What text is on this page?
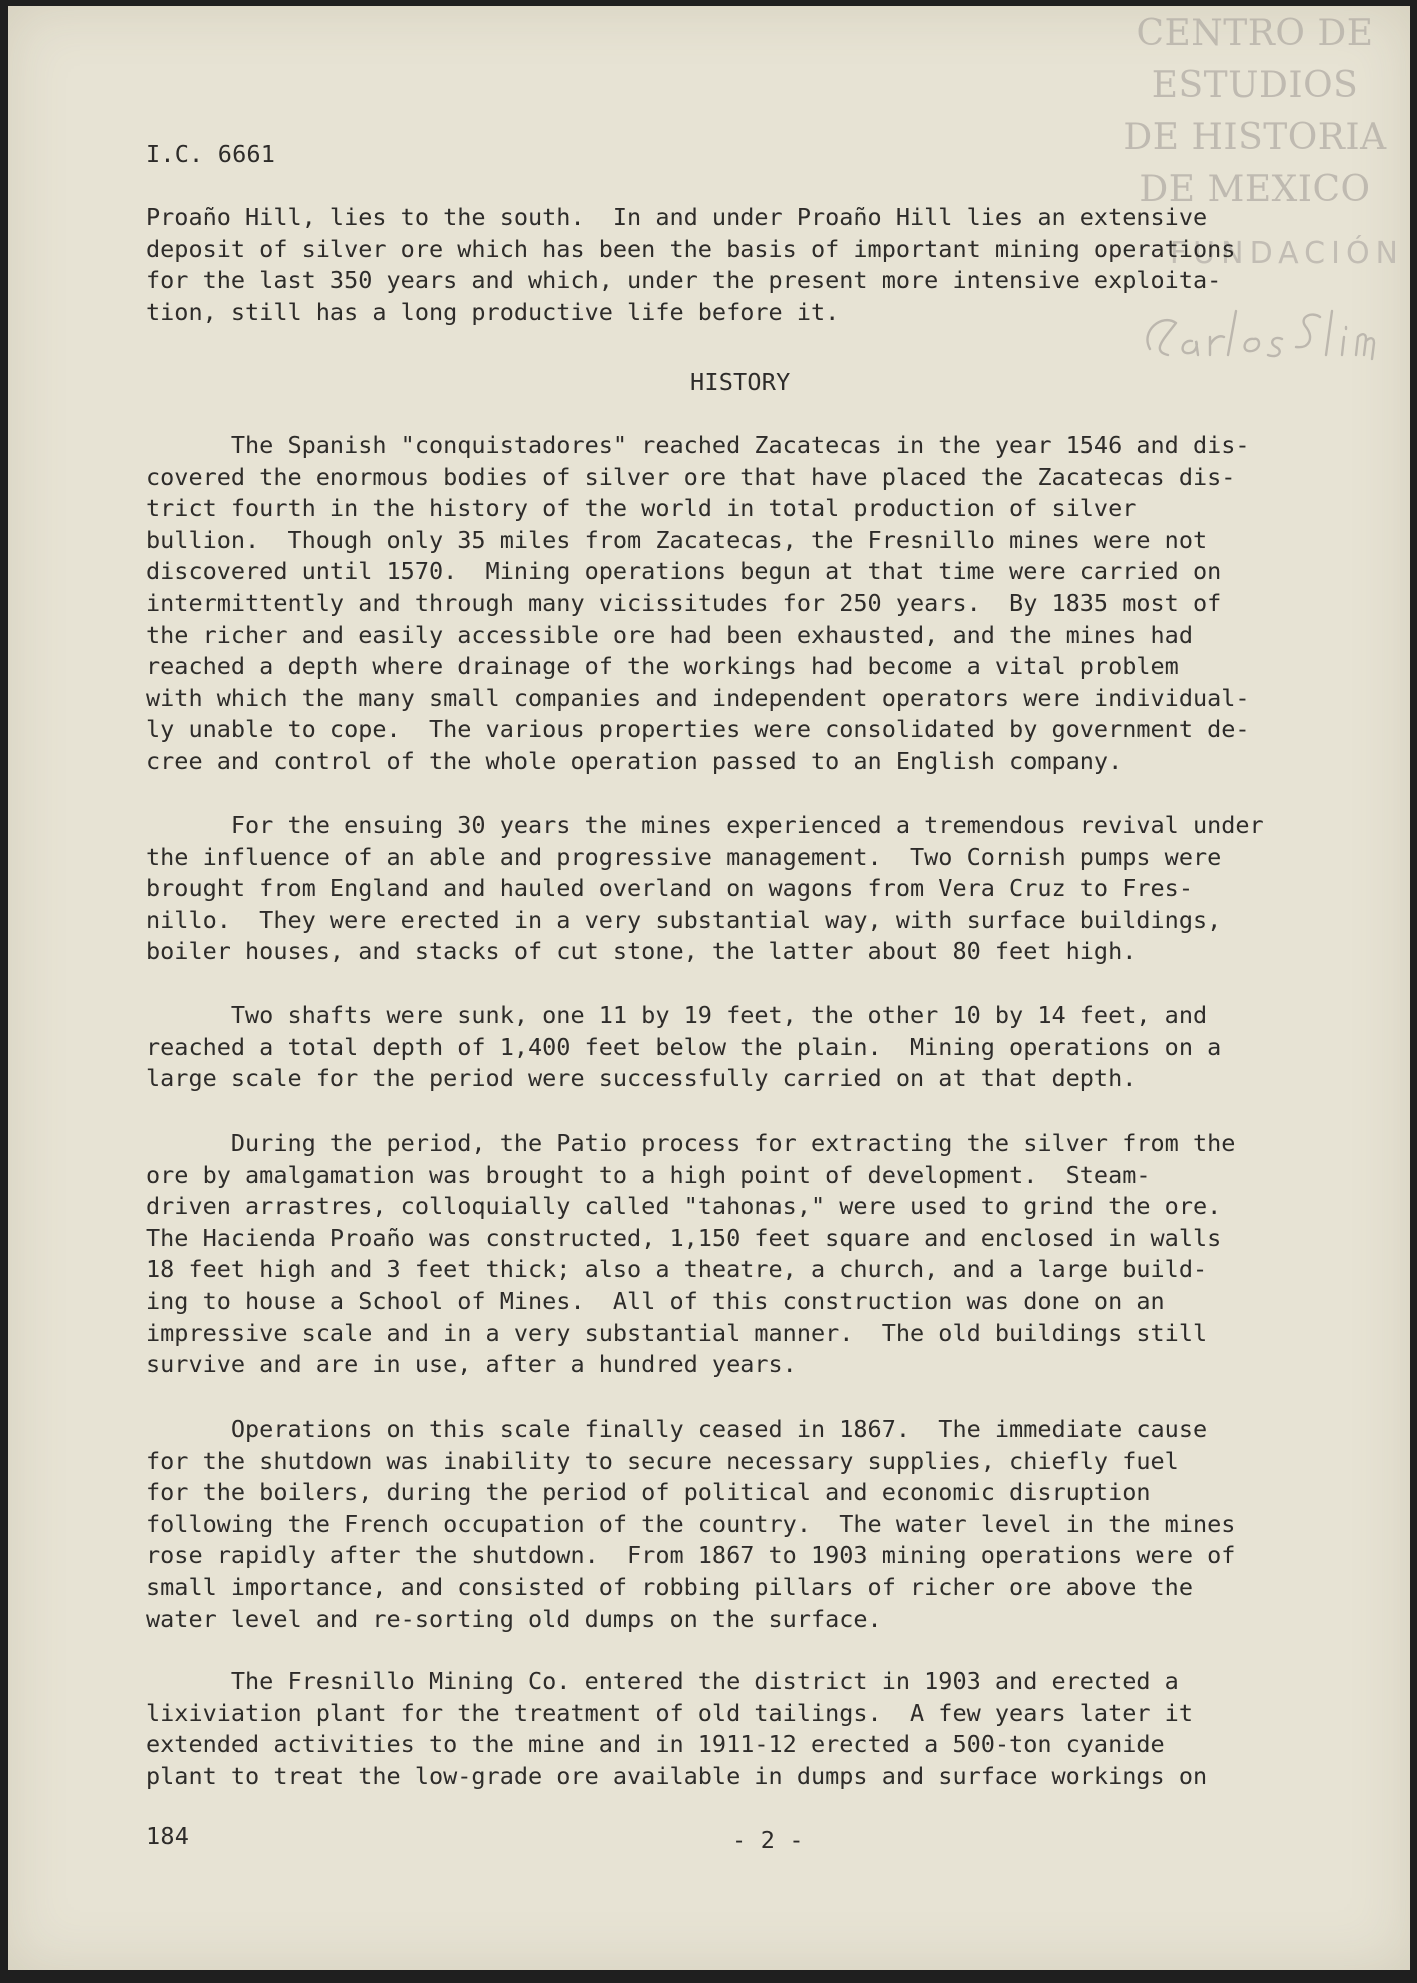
CENTRO DE
ESTUDIOS
DE HISTORIA
DE MEXICO
FUNDACIÓN
I.C. 6661
Proaño Hill, lies to the south.  In and under Proaño Hill lies an extensive
deposit of silver ore which has been the basis of important mining operations
for the last 350 years and which, under the present more intensive exploita-
tion, still has a long productive life before it.
HISTORY
The Spanish "conquistadores" reached Zacatecas in the year 1546 and dis-
covered the enormous bodies of silver ore that have placed the Zacatecas dis-
trict fourth in the history of the world in total production of silver
bullion.  Though only 35 miles from Zacatecas, the Fresnillo mines were not
discovered until 1570.  Mining operations begun at that time were carried on
intermittently and through many vicissitudes for 250 years.  By 1835 most of
the richer and easily accessible ore had been exhausted, and the mines had
reached a depth where drainage of the workings had become a vital problem
with which the many small companies and independent operators were individual-
ly unable to cope.  The various properties were consolidated by government de-
cree and control of the whole operation passed to an English company.
For the ensuing 30 years the mines experienced a tremendous revival under
the influence of an able and progressive management.  Two Cornish pumps were
brought from England and hauled overland on wagons from Vera Cruz to Fres-
nillo.  They were erected in a very substantial way, with surface buildings,
boiler houses, and stacks of cut stone, the latter about 80 feet high.
Two shafts were sunk, one 11 by 19 feet, the other 10 by 14 feet, and
reached a total depth of 1,400 feet below the plain.  Mining operations on a
large scale for the period were successfully carried on at that depth.
During the period, the Patio process for extracting the silver from the
ore by amalgamation was brought to a high point of development.  Steam-
driven arrastres, colloquially called "tahonas," were used to grind the ore.
The Hacienda Proaño was constructed, 1,150 feet square and enclosed in walls
18 feet high and 3 feet thick; also a theatre, a church, and a large build-
ing to house a School of Mines.  All of this construction was done on an
impressive scale and in a very substantial manner.  The old buildings still
survive and are in use, after a hundred years.
Operations on this scale finally ceased in 1867.  The immediate cause
for the shutdown was inability to secure necessary supplies, chiefly fuel
for the boilers, during the period of political and economic disruption
following the French occupation of the country.  The water level in the mines
rose rapidly after the shutdown.  From 1867 to 1903 mining operations were of
small importance, and consisted of robbing pillars of richer ore above the
water level and re-sorting old dumps on the surface.
The Fresnillo Mining Co. entered the district in 1903 and erected a
lixiviation plant for the treatment of old tailings.  A few years later it
extended activities to the mine and in 1911-12 erected a 500-ton cyanide
plant to treat the low-grade ore available in dumps and surface workings on
184	- 2 -
